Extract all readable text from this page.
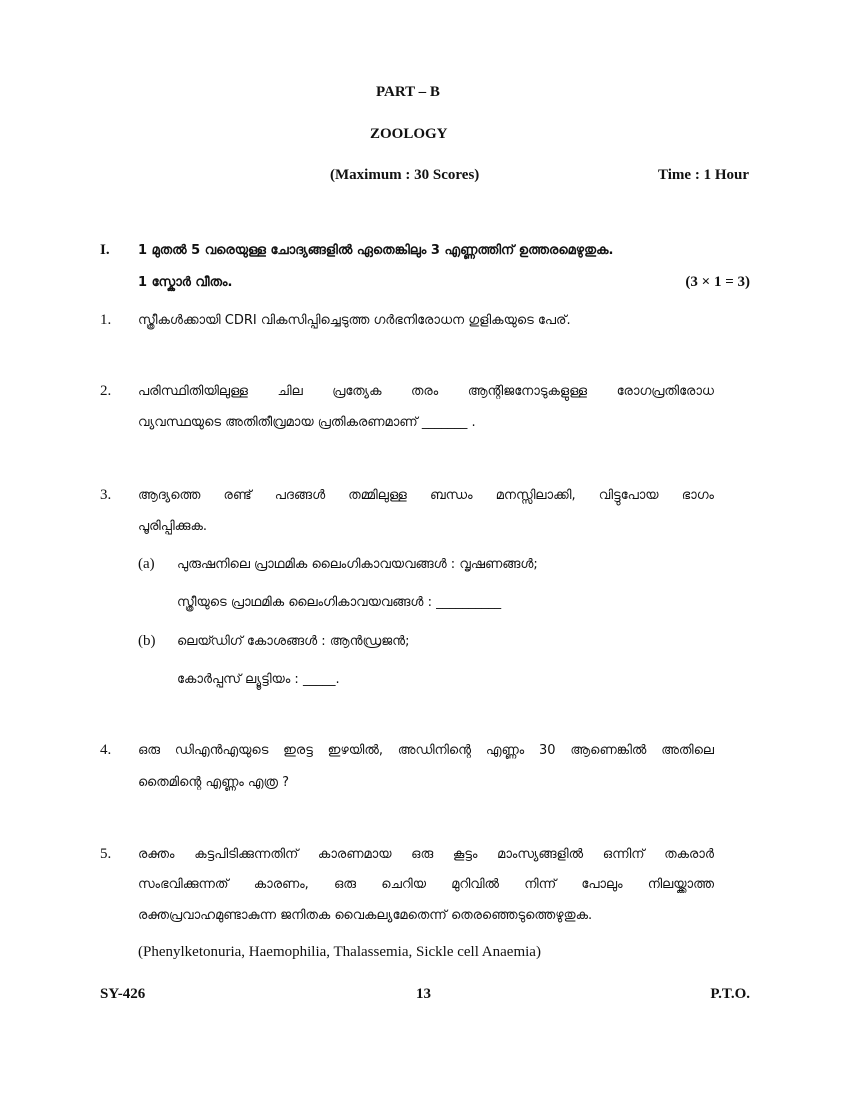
PART – B
ZOOLOGY
(Maximum : 30 Scores)	Time : 1 Hour
I. 1 മുതൽ 5 വരെയുള്ള ചോദ്യങ്ങളിൽ ഏതെങ്കിലും 3 എണ്ണത്തിന് ഉത്തരമെഴുതുക.
1 സ്കോർ വീതം.	(3 × 1 = 3)
1. സ്ത്രീകൾക്കായി CDRI വികസിപ്പിച്ചെടുത്ത ഗർഭനിരോധന ഗുളികയുടെ പേര്.
2. പരിസ്ഥിതിയിലുള്ള ചില പ്രത്യേക തരം ആന്റിജനോടുകളുള്ള രോഗപ്രതിരോധ
വ്യവസ്ഥയുടെ അതിതീവ്രമായ പ്രതികരണമാണ് _______ .
3. ആദ്യത്തെ രണ്ട് പദങ്ങൾ തമ്മിലുള്ള ബന്ധം മനസ്സിലാക്കി, വിട്ടുപോയ ഭാഗം
പൂരിപ്പിക്കുക.
(a) പുരുഷനിലെ പ്രാഥമിക ലൈംഗികാവയവങ്ങൾ : വൃഷണങ്ങൾ;
സ്ത്രീയുടെ പ്രാഥമിക ലൈംഗികാവയവങ്ങൾ : __________
(b) ലെയ്ഡിഗ് കോശങ്ങൾ : ആൻഡ്രജൻ;
കോർപ്പസ് ല്യൂട്ടിയം : _____.
4. ഒരു ഡിഎൻഎയുടെ ഇരട്ട ഇഴയിൽ, അഡിനിന്റെ എണ്ണം 30 ആണെങ്കിൽ അതിലെ
തൈമിന്റെ എണ്ണം എത്ര ?
5. രക്തം കട്ടപിടിക്കുന്നതിന് കാരണമായ ഒരു കൂട്ടം മാംസ്യങ്ങളിൽ ഒന്നിന് തകരാർ
സംഭവിക്കുന്നത് കാരണം, ഒരു ചെറിയ മുറിവിൽ നിന്ന് പോലും നിലയ്ക്കാത്ത
രക്തപ്രവാഹമുണ്ടാകുന്ന ജനിതക വൈകല്യമേതെന്ന് തെരഞ്ഞെടുത്തെഴുതുക.
(Phenylketonuria, Haemophilia, Thalassemia, Sickle cell Anaemia)
SY-426	13	P.T.O.
